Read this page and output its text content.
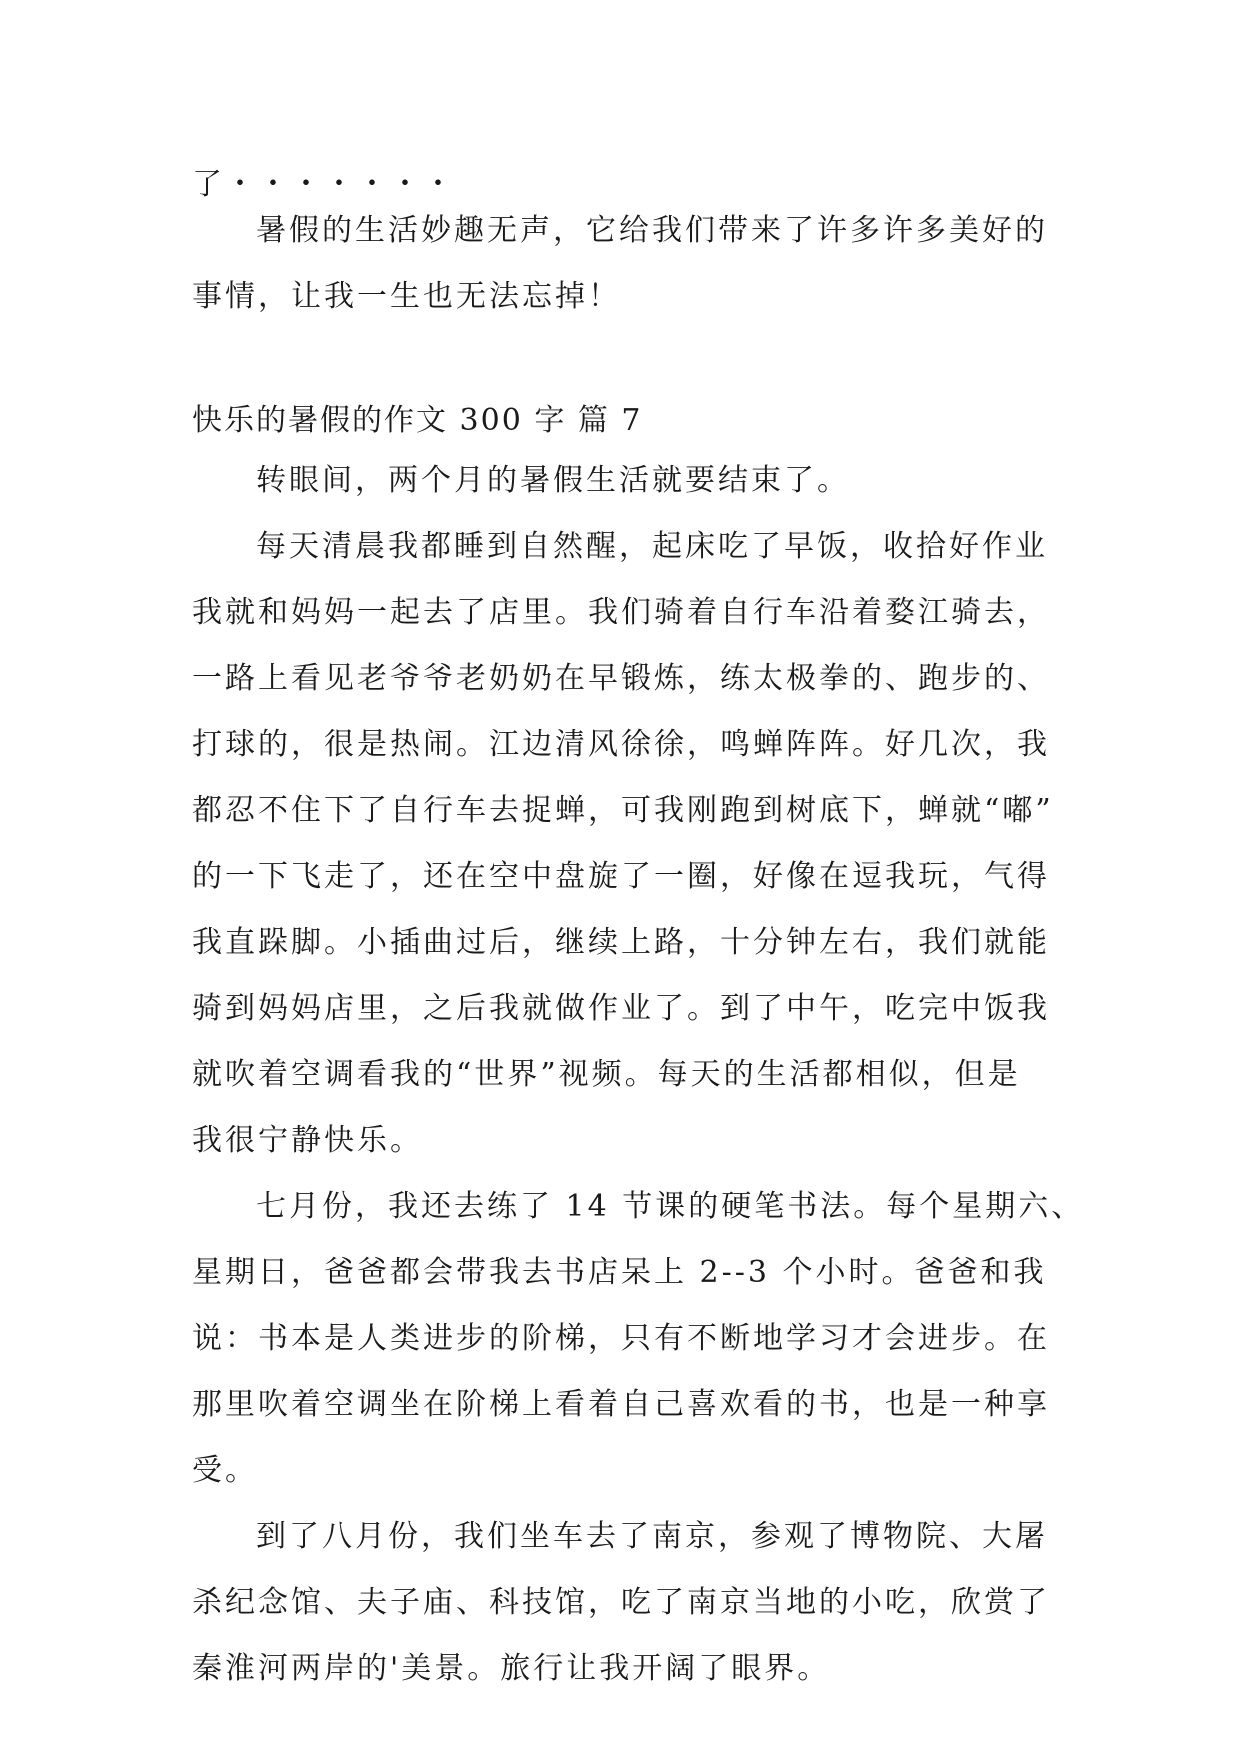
了・・・・・・・
暑假的生活妙趣无声，它给我们带来了许多许多美好的
事情，让我一生也无法忘掉！
快乐的暑假的作文 300 字 篇 7
转眼间，两个月的暑假生活就要结束了。
每天清晨我都睡到自然醒，起床吃了早饭，收拾好作业
我就和妈妈一起去了店里。我们骑着自行车沿着婺江骑去，
一路上看见老爷爷老奶奶在早锻炼，练太极拳的、跑步的、
打球的，很是热闹。江边清风徐徐，鸣蝉阵阵。好几次，我
都忍不住下了自行车去捉蝉，可我刚跑到树底下，蝉就“嘟”
的一下飞走了，还在空中盘旋了一圈，好像在逗我玩，气得
我直跺脚。小插曲过后，继续上路，十分钟左右，我们就能
骑到妈妈店里，之后我就做作业了。到了中午，吃完中饭我
就吹着空调看我的“世界”视频。每天的生活都相似，但是
我很宁静快乐。
七月份，我还去练了 14 节课的硬笔书法。每个星期六、
星期日，爸爸都会带我去书店呆上 2--3 个小时。爸爸和我
说：书本是人类进步的阶梯，只有不断地学习才会进步。在
那里吹着空调坐在阶梯上看着自己喜欢看的书，也是一种享
受。
到了八月份，我们坐车去了南京，参观了博物院、大屠
杀纪念馆、夫子庙、科技馆，吃了南京当地的小吃，欣赏了
秦淮河两岸的'美景。旅行让我开阔了眼界。
